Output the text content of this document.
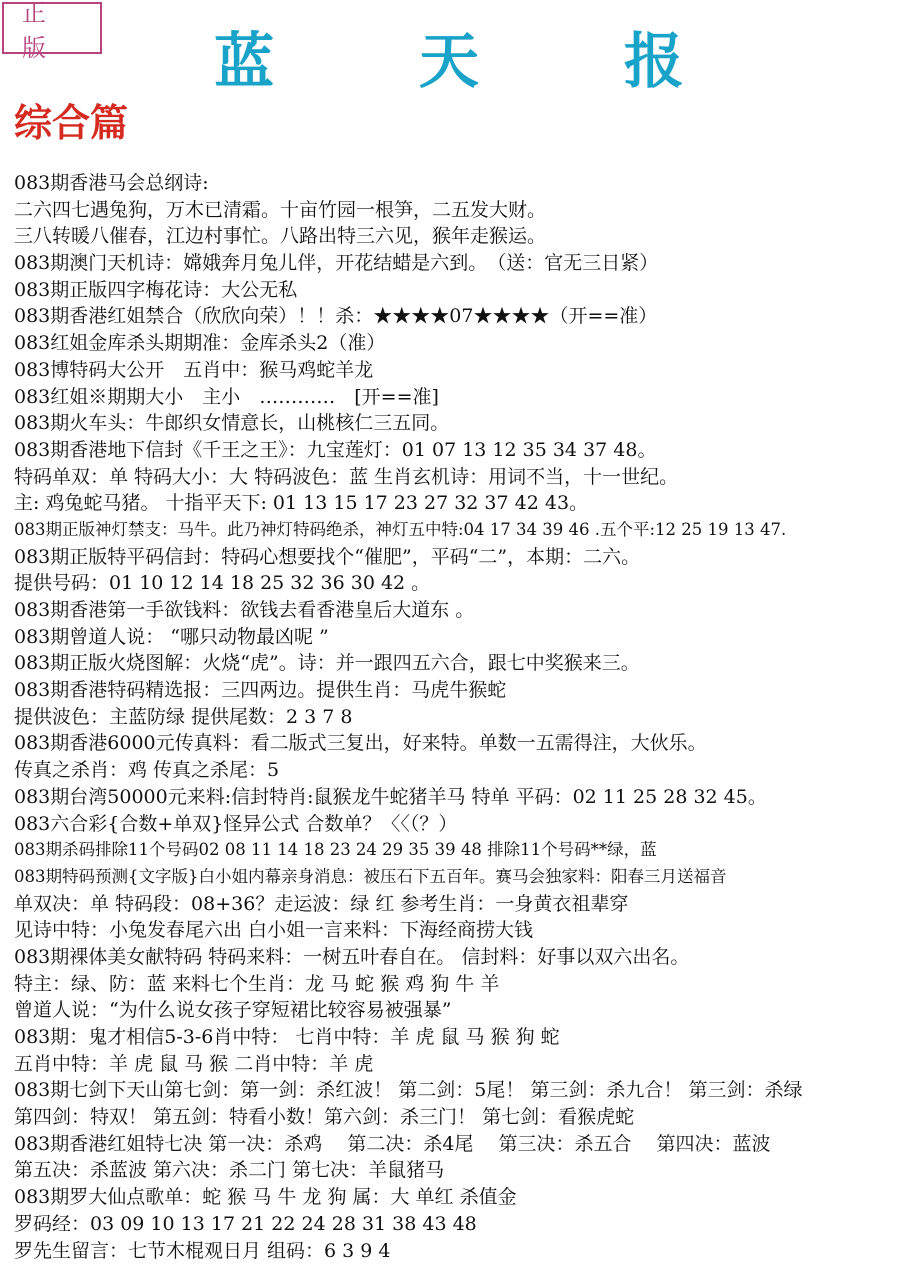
正 版	蓝 天 报
综合篇
083期香港马会总纲诗:
二六四七遇兔狗，万木已清霜。十亩竹园一根笋，二五发大财。
三八转暖八催春，江边村事忙。八路出特三六见，猴年走猴运。
083期澳门天机诗：嫦娥奔月兔儿伴，开花结蜡是六到。　（送：官无三日紧）
083期正版四字梅花诗：大公无私
083期香港红姐禁合（欣欣向荣）！！杀：★★★★07★★★★（开==准）
083红姐金库杀头期期准：金库杀头2（准）
083博特码大公开　五肖中：猴马鸡蛇羊龙
083红姐※期期大小　主小　…………　[开==准]
083期火车头：牛郎织女情意长，山桃核仁三五同。
083期香港地下信封《千王之王》：九宝莲灯：01 07 13 12 35 34 37 48。
特码单双：单 特码大小：大 特码波色：蓝 生肖玄机诗：用词不当，十一世纪。
主: 鸡兔蛇马猪。 十指平天下: 01 13 15 17 23 27 32 37 42 43。
083期正版神灯禁支：马牛。此乃神灯特码绝杀，神灯五中特:04 17 34 39 46 .五个平:12 25 19 13 47.
083期正版特平码信封：特码心想要找个“催肥”，平码“二”，本期：二六。
提供号码：01 10 12 14 18 25 32 36 30 42 。
083期香港第一手欲钱料：欲钱去看香港皇后大道东 。
083期曾道人说： “哪只动物最凶呢 ”
083期正版火烧图解：火烧“虎”。诗：并一跟四五六合，跟七中奖猴来三。
083期香港特码精选报：三四两边。提供生肖：马虎牛猴蛇
提供波色：主蓝防绿 提供尾数：2 3 7 8
083期香港6000元传真料：看二版式三复出，好来特。单数一五需得注，大伙乐。
传真之杀肖：鸡 传真之杀尾：5
083期台湾50000元来料:信封特肖:鼠猴龙牛蛇猪羊马 特单 平码：02 11 25 28 32 45。
083六合彩{合数+单双}怪异公式 合数单？〈〈（？）
083期杀码排除11个号码02 08 11 14 18 23 24 29 35 39 48 排除11个号码**绿，蓝
083期特码预测{文字版}白小姐内幕亲身消息：被压石下五百年。赛马会独家料：阳春三月送福音
单双决：单 特码段：08+36？走运波：绿 红 参考生肖：一身黄衣祖辈穿
见诗中特：小兔发春尾六出 白小姐一言来料：下海经商捞大钱
083期裸体美女献特码 特码来料：一树五叶春自在。 信封料：好事以双六出名。
特主：绿、防：蓝 来料七个生肖：龙 马 蛇 猴 鸡 狗 牛 羊
曾道人说：“为什么说女孩子穿短裙比较容易被强暴”
083期：鬼才相信5-3-6肖中特： 七肖中特：羊 虎 鼠 马 猴 狗 蛇
五肖中特：羊 虎 鼠 马 猴 二肖中特：羊 虎
083期七剑下天山第七剑：第一剑：杀红波！ 第二剑：5尾！ 第三剑：杀九合！ 第三剑：杀绿
第四剑：特双！ 第五剑：特看小数！第六剑：杀三门！ 第七剑：看猴虎蛇
083期香港红姐特七决 第一决：杀鸡 　第二决：杀4尾 　第三决：杀五合 　第四决：蓝波
第五决：杀蓝波 第六决：杀二门 第七决：羊鼠猪马
083期罗大仙点歌单：蛇 猴 马 牛 龙 狗 属：大 单红 杀值金
罗码经：03 09 10 13 17 21 22 24 28 31 38 43 48
罗先生留言：七节木棍观日月 组码：6 3 9 4
